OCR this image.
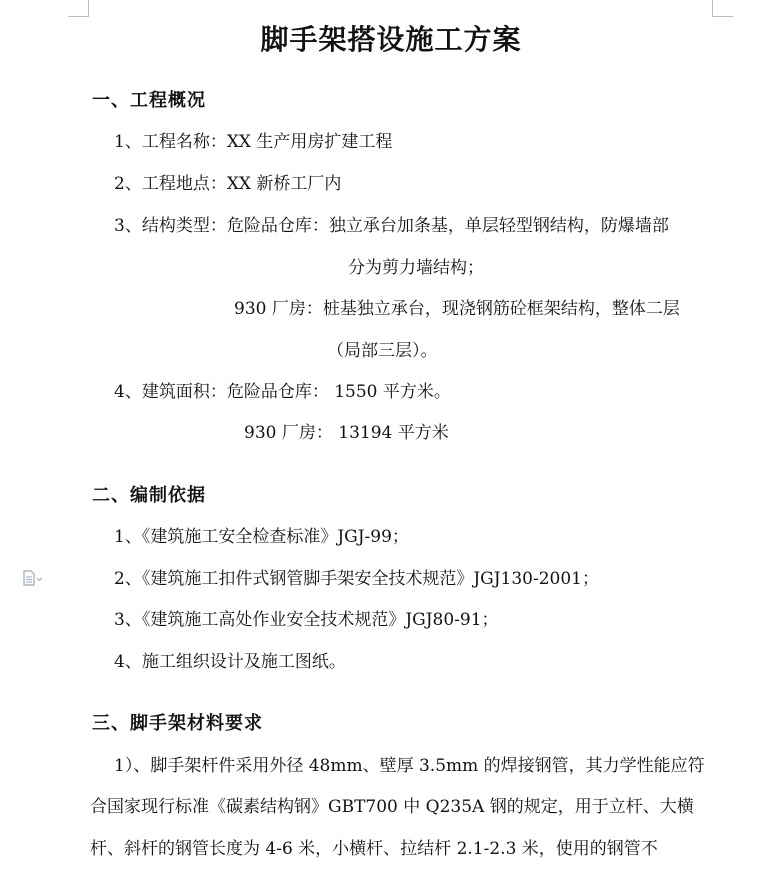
脚手架搭设施工方案
一、工程概况
1、工程名称：XX 生产用房扩建工程
2、工程地点：XX 新桥工厂内
3、结构类型：危险品仓库：独立承台加条基，单层轻型钢结构，防爆墙部
分为剪力墙结构；
930 厂房：桩基独立承台，现浇钢筋砼框架结构，整体二层
（局部三层）。
4、建筑面积：危险品仓库： 1550 平方米。
930 厂房： 13194 平方米
二、编制依据
1、《建筑施工安全检查标准》JGJ-99；
2、《建筑施工扣件式钢管脚手架安全技术规范》JGJ130-2001；
3、《建筑施工高处作业安全技术规范》JGJ80-91；
4、施工组织设计及施工图纸。
三、脚手架材料要求
1）、脚手架杆件采用外径 48mm、壁厚 3.5mm 的焊接钢管，其力学性能应符
合国家现行标准《碳素结构钢》GBT700 中 Q235A 钢的规定，用于立杆、大横
杆、斜杆的钢管长度为 4-6 米，小横杆、拉结杆 2.1-2.3 米，使用的钢管不
